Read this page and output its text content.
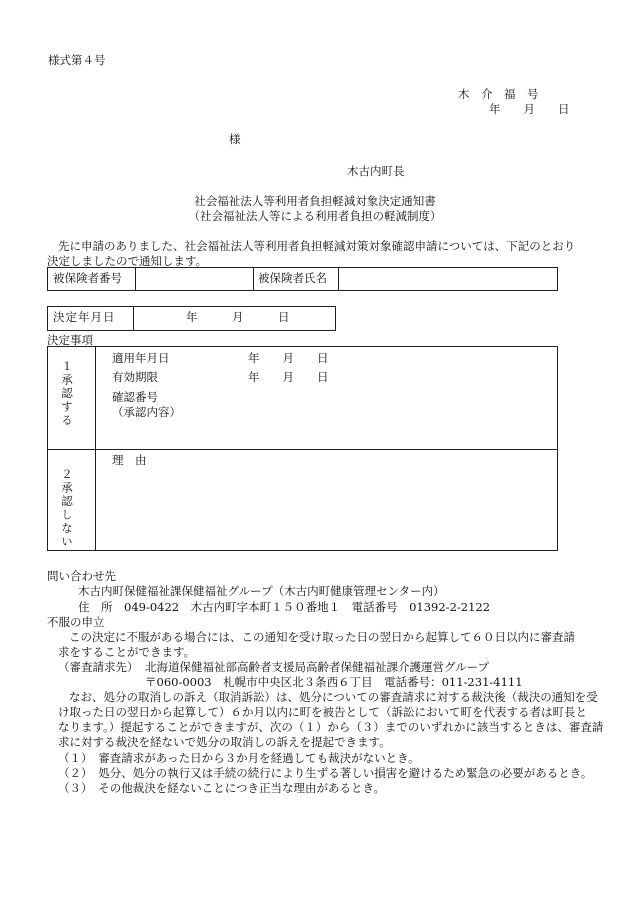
様式第４号
木　介　福　号
年　　月　　日
様
木古内町長
社会福祉法人等利用者負担軽減対象決定通知書
（社会福祉法人等による利用者負担の軽減制度）
先に申請のありました、社会福祉法人等利用者負担軽減対策対象確認申請については、下記のとおり
決定しましたので通知します。
被保険者番号	被保険者氏名
決定年月日	年　　　月　　　日
決定事項
１承認する
適用年月日	年　　月　　日
有効期限	年　　月　　日
確認番号
（承認内容）
２承認しない
理　由
問い合わせ先
木古内町保健福祉課保健福祉グループ（木古内町健康管理センター内）
住　所 049-0422　木古内町字本町１５０番地１　電話番号　01392-2-2122
不服の申立
この決定に不服がある場合には、この通知を受け取った日の翌日から起算して６０日以内に審査請
求をすることができます。
（審査請求先） 北海道保健福祉部高齢者支援局高齢者保健福祉課介護運営グループ
〒060-0003　札幌市中央区北３条西６丁目　電話番号：011-231-4111
なお、処分の取消しの訴え（取消訴訟）は、処分についての審査請求に対する裁決後（裁決の通知を受
け取った日の翌日から起算して）６か月以内に町を被告として（訴訟において町を代表する者は町長と
なります。）提起することができますが、次の（１）から（３）までのいずれかに該当するときは、審査請
求に対する裁決を経ないで処分の取消しの訴えを提起できます。
（１）　審査請求があった日から３か月を経過しても裁決がないとき。
（２）　処分、処分の執行又は手続の続行により生ずる著しい損害を避けるため緊急の必要があるとき。
（３）　その他裁決を経ないことにつき正当な理由があるとき。
